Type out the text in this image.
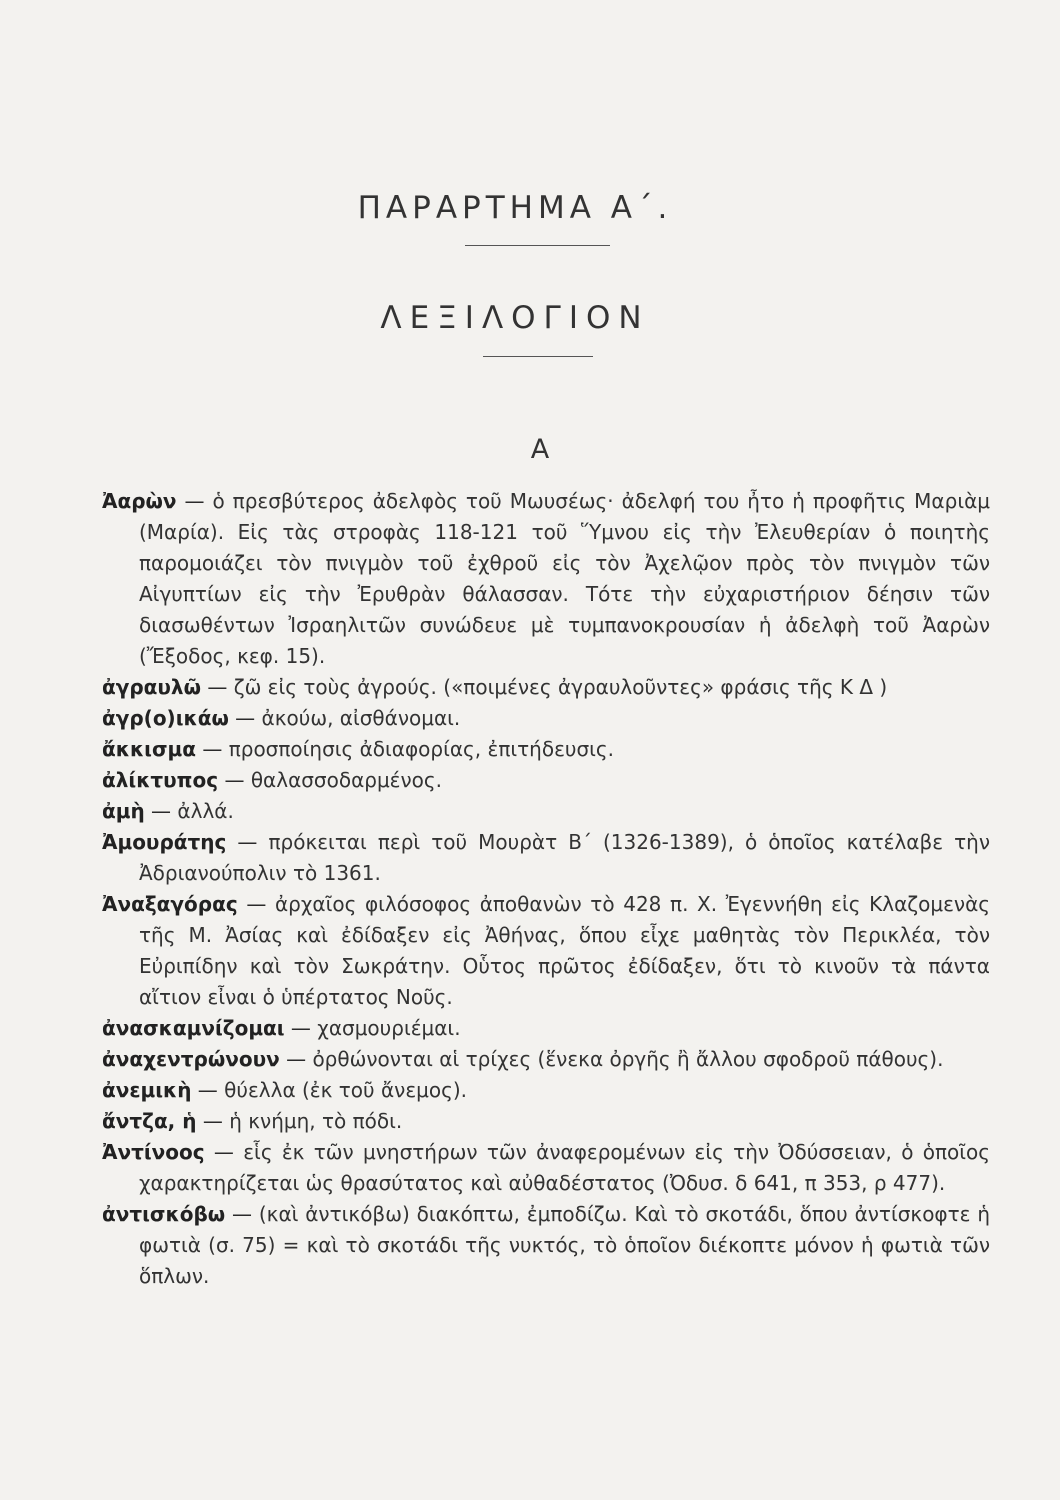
ΠΑΡΑΡΤΗΜΑ Α΄.
ΛΕΞΙΛΟΓΙΟΝ
Α

Ἀαρὼν — ὁ πρεσβύτερος ἀδελφὸς τοῦ Μωυσέως· ἀδελφή του ἦτο ἡ προφῆτις Μαριὰμ (Μαρία). Εἰς τὰς στροφὰς 118-121 τοῦ Ὕμνου εἰς τὴν Ἐλευθερίαν ὁ ποιητὴς παρομοιάζει τὸν πνιγμὸν τοῦ ἐχθροῦ εἰς τὸν Ἀχελῷον πρὸς τὸν πνιγμὸν τῶν Αἰγυπτίων εἰς τὴν Ἐρυθρὰν θάλασσαν. Τότε τὴν εὐχαριστήριον δέησιν τῶν διασωθέντων Ἰσραηλιτῶν συνώδευε μὲ τυμπανοκρουσίαν ἡ ἀδελφὴ τοῦ Ἀαρὼν (Ἔξοδος, κεφ. 15).

ἀγραυλῶ — ζῶ εἰς τοὺς ἀγρούς. («ποιμένες ἀγραυλοῦντες» φράσις τῆς Κ Δ )

ἀγρ(ο)ικάω — ἀκούω, αἰσθάνομαι.

ἄκκισμα — προσποίησις ἀδιαφορίας, ἐπιτήδευσις.

ἀλίκτυπος — θαλασσοδαρμένος.

ἀμὴ — ἀλλά.

Ἀμουράτης — πρόκειται περὶ τοῦ Μουρὰτ Β΄ (1326-1389), ὁ ὁποῖος κατέλαβε τὴν Ἀδριανούπολιν τὸ 1361.

Ἀναξαγόρας — ἀρχαῖος φιλόσοφος ἀποθανὼν τὸ 428 π. Χ. Ἐγεννήθη εἰς Κλαζομενὰς τῆς Μ. Ἀσίας καὶ ἐδίδαξεν εἰς Ἀθήνας, ὅπου εἶχε μαθητὰς τὸν Περικλέα, τὸν Εὐριπίδην καὶ τὸν Σωκράτην. Οὗτος πρῶτος ἐδίδαξεν, ὅτι τὸ κινοῦν τὰ πάντα αἴτιον εἶναι ὁ ὑπέρτατος Νοῦς.

ἀνασκαμνίζομαι — χασμουριέμαι.

ἀναχεντρώνουν — ὀρθώνονται αἱ τρίχες (ἕνεκα ὀργῆς ἢ ἄλλου σφοδροῦ πάθους).

ἀνεμικὴ — θύελλα (ἐκ τοῦ ἄνεμος).

ἄντζα, ἡ — ἡ κνήμη, τὸ πόδι.

Ἀντίνοος — εἷς ἐκ τῶν μνηστήρων τῶν ἀναφερομένων εἰς τὴν Ὀδύσσειαν, ὁ ὁποῖος χαρακτηρίζεται ὡς θρασύτατος καὶ αὐθαδέστατος (Ὀδυσ. δ 641, π 353, ρ 477).

ἀντισκόβω — (καὶ ἀντικόβω) διακόπτω, ἐμποδίζω. Καὶ τὸ σκοτάδι, ὅπου ἀντίσκοφτε ἡ φωτιὰ (σ. 75) = καὶ τὸ σκοτάδι τῆς νυκτός, τὸ ὁποῖον διέκοπτε μόνον ἡ φωτιὰ τῶν ὅπλων.
